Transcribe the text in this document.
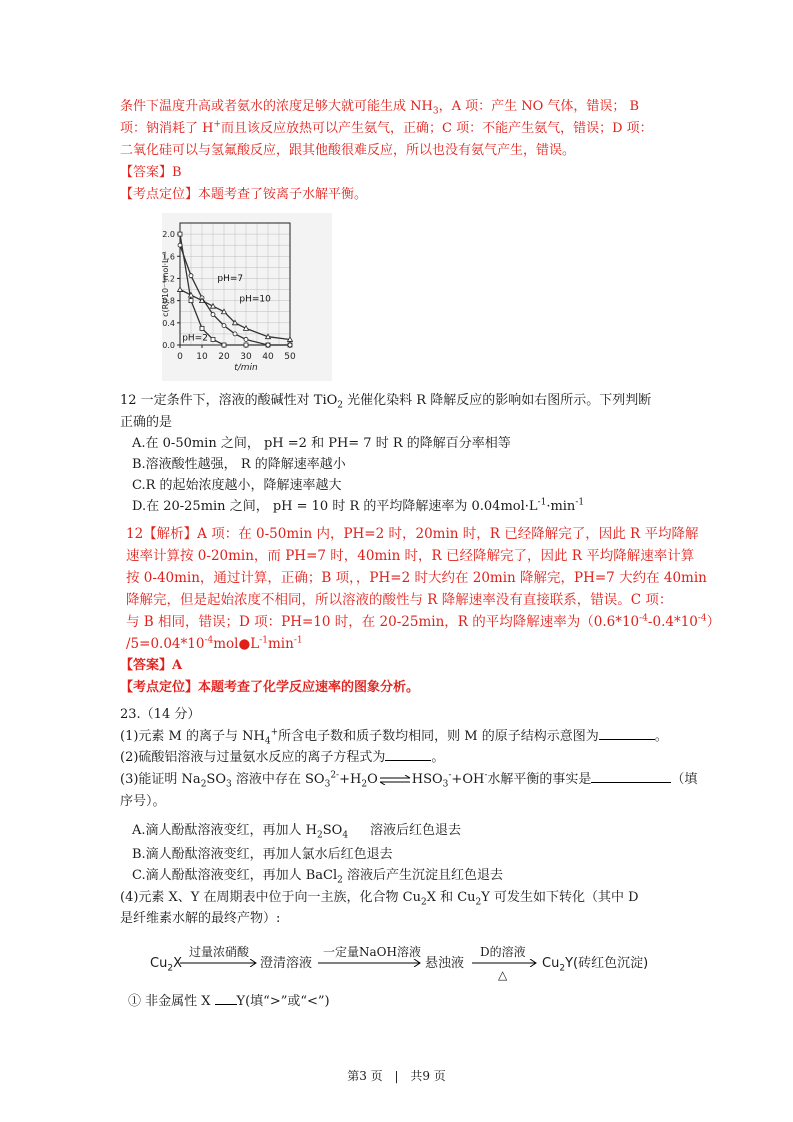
条件下温度升高或者氨水的浓度足够大就可能生成 $NH_3$，A 项：产生 NO 气体，错误； B
项：钠消耗了 H+而且该反应放热可以产生氨气，正确；C 项：不能产生氨气，错误；D 项：
二氧化硅可以与氢氟酸反应，跟其他酸很难反应，所以也没有氨气产生，错误。
【答案】B
【考点定位】本题考查了铵离子水解平衡。
0 10 20 30 40 50
0.0
0.4
0.8
1.2
1.6
2.0
t/min
c(R)/10⁻⁴mol·L⁻¹
pH=2
pH=7
pH=10
12 一定条件下，溶液的酸碱性对 TiO$_2$ 光催化染料 R 降解反应的影响如右图所示。下列判断
正确的是
A.在 0-50min 之间， pH =2 和 PH= 7 时 R 的降解百分率相等
B.溶液酸性越强， R 的降解速率越小
C.R 的起始浓度越小，降解速率越大
D.在 20-25min 之间， pH = 10 时 R 的平均降解速率为 $0.04mol\cdot L^{-1}\cdot\min^{-1}$
12【解析】A 项：在 0-50min 内，PH=2 时，20min 时，R 已经降解完了，因此 R 平均降解
速率计算按 0-20min，而 PH=7 时，40min 时，R 已经降解完了，因此 R 平均降解速率计算
按 0-40min，通过计算，正确；B 项，，PH=2 时大约在 20min 降解完，PH=7 大约在 40min
降解完，但是起始浓度不相同，所以溶液的酸性与 R 降解速率没有直接联系，错误。C 项：
与 B 相同，错误；D 项：PH=10 时，在 20-25min，R 的平均降解速率为$(0.6*10^{-4}-0.4*10^{-4})$
$/5=0.04*10^{-4}mol●L^{-1}\min^{-1}$
【答案】A
【考点定位】本题考查了化学反应速率的图象分析。
23.（14 分）
(1)元素 M 的离子与 $NH_4^+$所含电子数和质子数均相同，则 M 的原子结构示意图为	。
(2)硫酸铝溶液与过量氨水反应的离子方程式为	。
(3)能证明 $Na_2SO_3$ 溶液中存在 $SO_3^{2-}+H_2O\rightleftharpoons HSO_3^-+OH^-$水解平衡的事实是	（填
序号）。
A.滴人酚酞溶液变红，再加人 $H_2SO_4$ 溶液后红色退去
B.滴人酚酞溶液变红，再加人氯水后红色退去
C.滴人酚酞溶液变红，再加人 BaCl$_2$ 溶液后产生沉淀且红色退去
(4)元素 X、Y 在周期表中位于向一主族，化合物 $Cu_2X$ 和 $Cu_2Y$ 可发生如下转化（其中 D
是纤维素水解的最终产物）:
$Cu_2X$
过量浓硝酸
澄清溶液
一定量NaOH溶液
悬浊液
D的溶液
△
$Cu_2Y$(砖红色沉淀)
① 非金属性 X Y(填“>”或“<”)
第3 页 | 共9 页
